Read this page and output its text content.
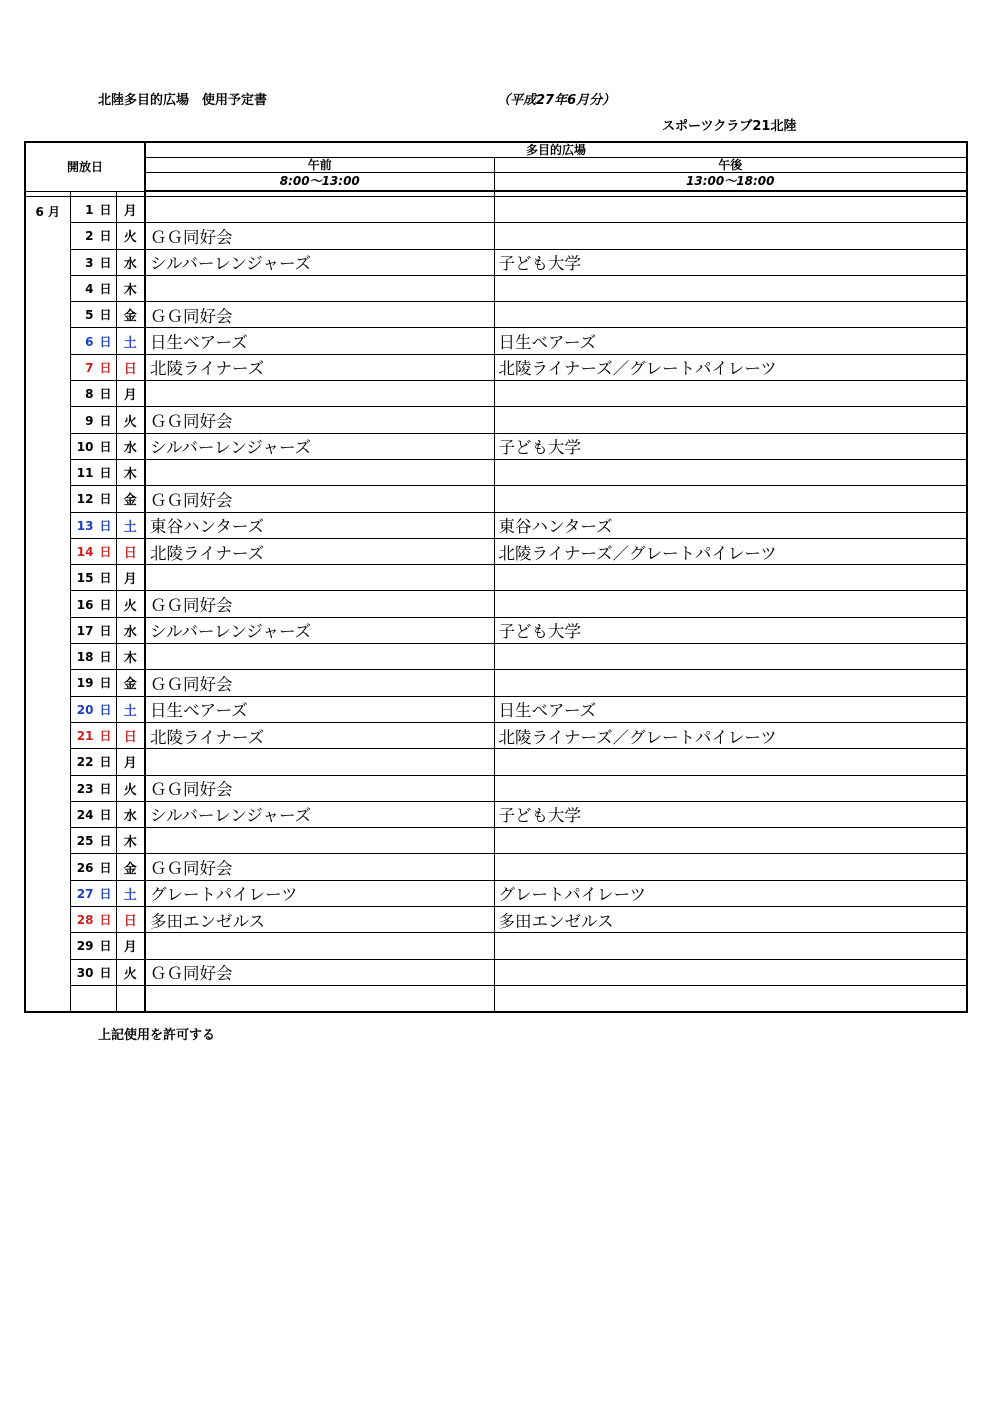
北陸多目的広場　使用予定書	（平成27年6月分）
スポーツクラブ21北陸
開放日			多目的広場	
			午前	午後
			8:00～13:00	13:00～18:00

6 月	1 日	月		
	2 日	火	ＧＧ同好会	
	3 日	水	シルバーレンジャーズ	子ども大学
	4 日	木		
	5 日	金	ＧＧ同好会	
	6 日	土	日生ベアーズ	日生ベアーズ
	7 日	日	北陵ライナーズ	北陵ライナーズ／グレートパイレーツ
	8 日	月		
	9 日	火	ＧＧ同好会	
	10 日	水	シルバーレンジャーズ	子ども大学
	11 日	木		
	12 日	金	ＧＧ同好会	
	13 日	土	東谷ハンターズ	東谷ハンターズ
	14 日	日	北陵ライナーズ	北陵ライナーズ／グレートパイレーツ
	15 日	月		
	16 日	火	ＧＧ同好会	
	17 日	水	シルバーレンジャーズ	子ども大学
	18 日	木		
	19 日	金	ＧＧ同好会	
	20 日	土	日生ベアーズ	日生ベアーズ
	21 日	日	北陵ライナーズ	北陵ライナーズ／グレートパイレーツ
	22 日	月		
	23 日	火	ＧＧ同好会	
	24 日	水	シルバーレンジャーズ	子ども大学
	25 日	木		
	26 日	金	ＧＧ同好会	
	27 日	土	グレートパイレーツ	グレートパイレーツ
	28 日	日	多田エンゼルス	多田エンゼルス
	29 日	月		
	30 日	火	ＧＧ同好会	

上記使用を許可する
